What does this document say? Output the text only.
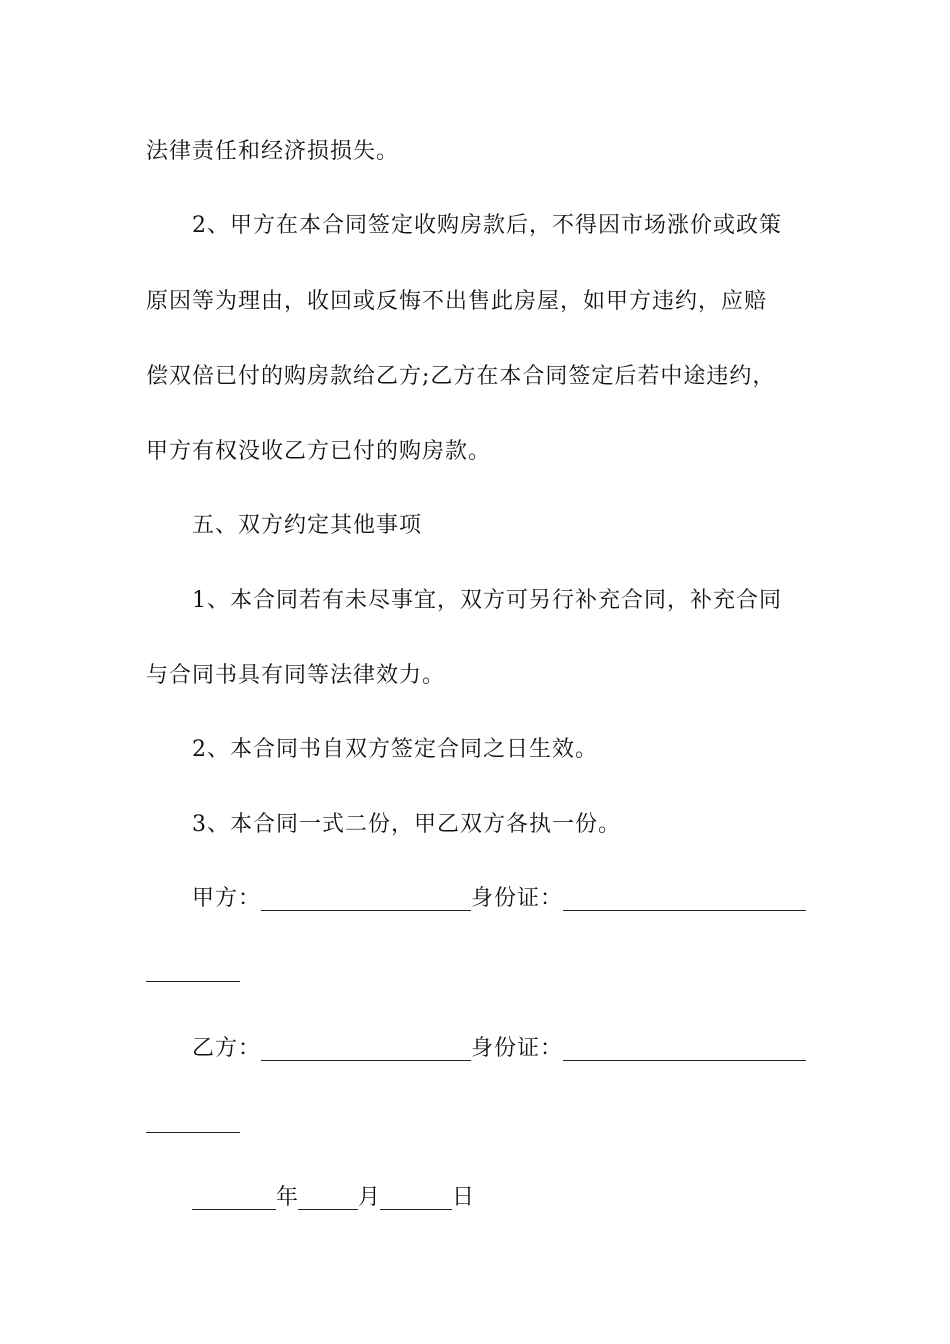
法律责任和经济损损失。
2、甲方在本合同签定收购房款后，不得因市场涨价或政策
原因等为理由，收回或反悔不出售此房屋，如甲方违约，应赔
偿双倍已付的购房款给乙方;乙方在本合同签定后若中途违约，
甲方有权没收乙方已付的购房款。
五、双方约定其他事项
1、本合同若有未尽事宜，双方可另行补充合同，补充合同
与合同书具有同等法律效力。
2、本合同书自双方签定合同之日生效。
3、本合同一式二份，甲乙双方各执一份。
甲方：	身份证：
乙方：	身份证：
年	月	日
